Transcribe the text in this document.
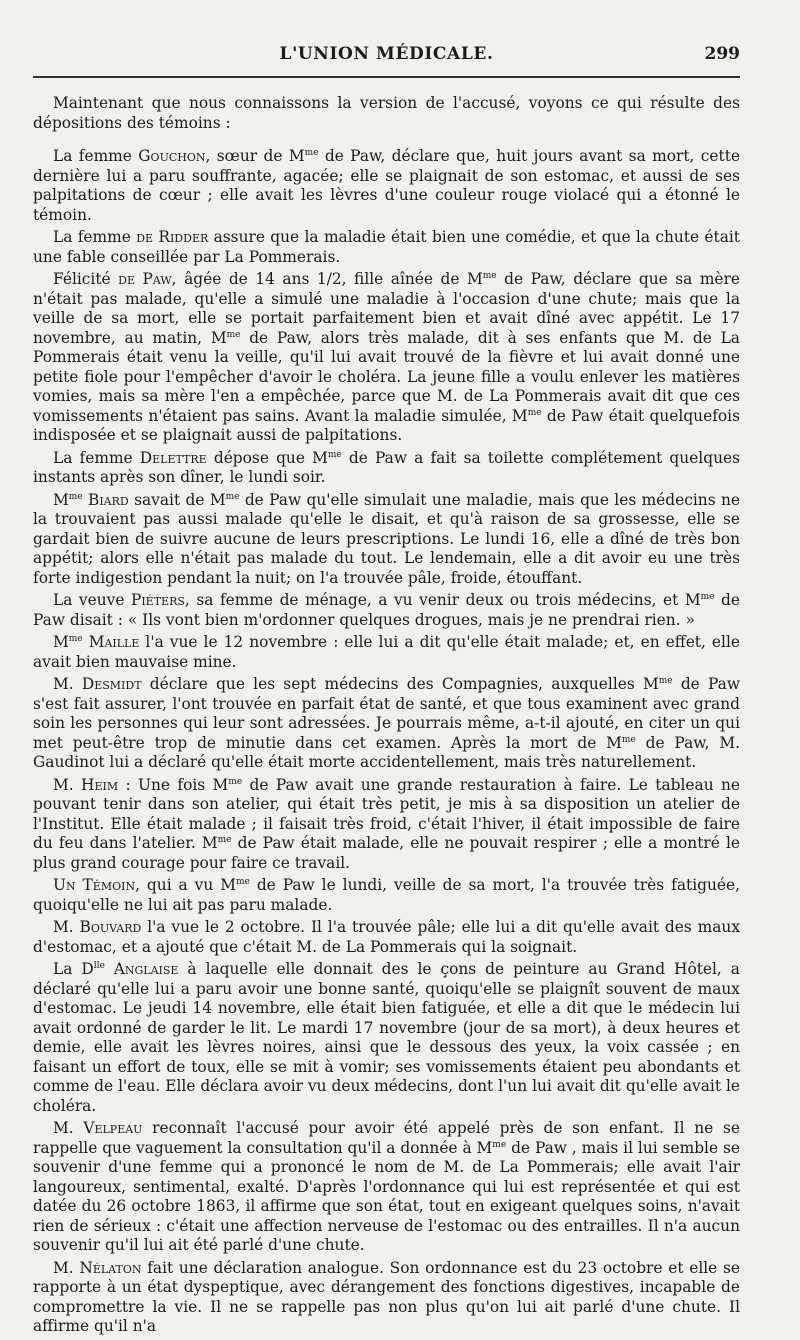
L'UNION MÉDICALE.	299

Maintenant que nous connaissons la version de l'accusé, voyons ce qui résulte des dépositions des témoins :

La femme Gouchon, sœur de $M^{me}$ de Paw, déclare que, huit jours avant sa mort, cette dernière lui a paru souffrante, agacée; elle se plaignait de son estomac, et aussi de ses palpitations de cœur ; elle avait les lèvres d'une couleur rouge violacé qui a étonné le témoin.

La femme de Ridder assure que la maladie était bien une comédie, et que la chute était une fable conseillée par La Pommerais.

Félicité de Paw, âgée de 14 ans 1/2, fille aînée de $M^{me}$ de Paw, déclare que sa mère n'était pas malade, qu'elle a simulé une maladie à l'occasion d'une chute; mais que la veille de sa mort, elle se portait parfaitement bien et avait dîné avec appétit. Le 17 novembre, au matin, $M^{me}$ de Paw, alors très malade, dit à ses enfants que M. de La Pommerais était venu la veille, qu'il lui avait trouvé de la fièvre et lui avait donné une petite fiole pour l'empêcher d'avoir le choléra. La jeune fille a voulu enlever les matières vomies, mais sa mère l'en a empêchée, parce que M. de La Pommerais avait dit que ces vomissements n'étaient pas sains. Avant la maladie simulée, $M^{me}$ de Paw était quelquefois indisposée et se plaignait aussi de palpitations.

La femme Delettre dépose que $M^{me}$ de Paw a fait sa toilette complétement quelques instants après son dîner, le lundi soir.

$M^{me}$ Biard savait de $M^{me}$ de Paw qu'elle simulait une maladie, mais que les médecins ne la trouvaient pas aussi malade qu'elle le disait, et qu'à raison de sa grossesse, elle se gardait bien de suivre aucune de leurs prescriptions. Le lundi 16, elle a dîné de très bon appétit; alors elle n'était pas malade du tout. Le lendemain, elle a dit avoir eu une très forte indigestion pendant la nuit; on l'a trouvée pâle, froide, étouffant.

La veuve Piéters, sa femme de ménage, a vu venir deux ou trois médecins, et $M^{me}$ de Paw disait : « Ils vont bien m'ordonner quelques drogues, mais je ne prendrai rien. »

$M^{me}$ Maille l'a vue le 12 novembre : elle lui a dit qu'elle était malade; et, en effet, elle avait bien mauvaise mine.

M. Desmidt déclare que les sept médecins des Compagnies, auxquelles $M^{me}$ de Paw s'est fait assurer, l'ont trouvée en parfait état de santé, et que tous examinent avec grand soin les personnes qui leur sont adressées. Je pourrais même, a-t-il ajouté, en citer un qui met peut-être trop de minutie dans cet examen. Après la mort de $M^{me}$ de Paw, M. Gaudinot lui a déclaré qu'elle était morte accidentellement, mais très naturellement.

M. Heim : Une fois $M^{me}$ de Paw avait une grande restauration à faire. Le tableau ne pouvant tenir dans son atelier, qui était très petit, je mis à sa disposition un atelier de l'Institut. Elle était malade ; il faisait très froid, c'était l'hiver, il était impossible de faire du feu dans l'atelier. $M^{me}$ de Paw était malade, elle ne pouvait respirer ; elle a montré le plus grand courage pour faire ce travail.

Un Témoin, qui a vu $M^{me}$ de Paw le lundi, veille de sa mort, l'a trouvée très fatiguée, quoiqu'elle ne lui ait pas paru malade.

M. Bouvard l'a vue le 2 octobre. Il l'a trouvée pâle; elle lui a dit qu'elle avait des maux d'estomac, et a ajouté que c'était M. de La Pommerais qui la soignait.

La $D^{lle}$ Anglaise à laquelle elle donnait des le çons de peinture au Grand Hôtel, a déclaré qu'elle lui a paru avoir une bonne santé, quoiqu'elle se plaignît souvent de maux d'estomac. Le jeudi 14 novembre, elle était bien fatiguée, et elle a dit que le médecin lui avait ordonné de garder le lit. Le mardi 17 novembre (jour de sa mort), à deux heures et demie, elle avait les lèvres noires, ainsi que le dessous des yeux, la voix cassée ; en faisant un effort de toux, elle se mit à vomir; ses vomissements étaient peu abondants et comme de l'eau. Elle déclara avoir vu deux médecins, dont l'un lui avait dit qu'elle avait le choléra.

M. Velpeau reconnaît l'accusé pour avoir été appelé près de son enfant. Il ne se rappelle que vaguement la consultation qu'il a donnée à $M^{me}$ de Paw , mais il lui semble se souvenir d'une femme qui a prononcé le nom de M. de La Pommerais; elle avait l'air langoureux, sentimental, exalté. D'après l'ordonnance qui lui est représentée et qui est datée du 26 octobre 1863, il affirme que son état, tout en exigeant quelques soins, n'avait rien de sérieux : c'était une affection nerveuse de l'estomac ou des entrailles. Il n'a aucun souvenir qu'il lui ait été parlé d'une chute.

M. Nélaton fait une déclaration analogue. Son ordonnance est du 23 octobre et elle se rapporte à un état dyspeptique, avec dérangement des fonctions digestives, incapable de compromettre la vie. Il ne se rappelle pas non plus qu'on lui ait parlé d'une chute. Il affirme qu'il n'a
